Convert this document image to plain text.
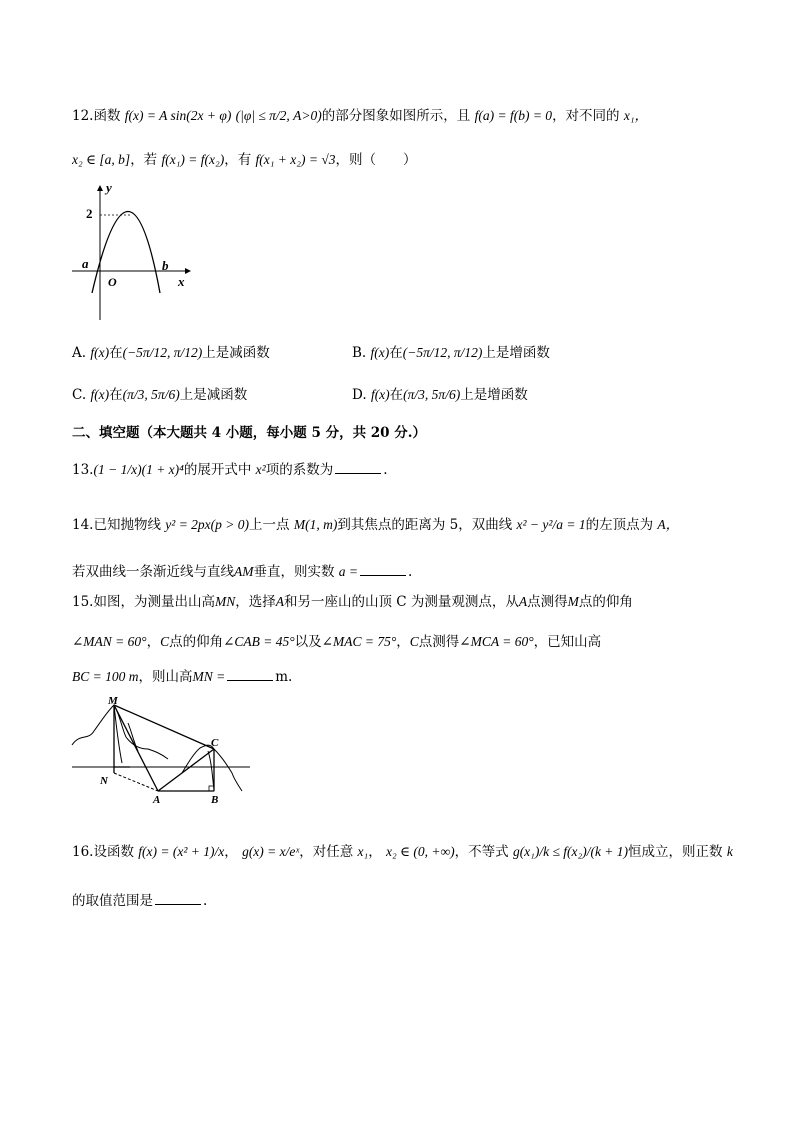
12.函数 f(x) = A sin(2x + φ) (|φ| ≤ π/2, A>0)的部分图象如图所示，且 f(a) = f(b) = 0，对不同的 x₁，
x₂ ∈ [a, b]，若 f(x₁) = f(x₂)，有 f(x₁ + x₂) = √3，则（　　）
2
y
x
a	b
O
A. f(x)在(−5π/12, π/12)上是减函数	B. f(x)在(−5π/12, π/12)上是增函数
C. f(x)在(π/3, 5π/6)上是减函数	D. f(x)在(π/3, 5π/6)上是增函数
二、填空题（本大题共 4 小题，每小题 5 分，共 20 分.）
13.(1 − 1/x)(1 + x)⁴的展开式中 x²项的系数为	.
14.已知抛物线 y² = 2px(p > 0)上一点 M(1, m)到其焦点的距离为 5，双曲线 x² − y²/a = 1的左顶点为 A，
若双曲线一条渐近线与直线AM垂直，则实数 a =	.
15.如图，为测量出山高MN，选择A和另一座山的山顶 C 为测量观测点，从A点测得M点的仰角
∠MAN = 60°，C点的仰角∠CAB = 45°以及∠MAC = 75°，C点测得∠MCA = 60°，已知山高
BC = 100 m，则山高MN =	m.
M
C
N
A	B
16.设函数 f(x) = (x² + 1)/x， g(x) = x/eˣ，对任意 x₁， x₂ ∈ (0, +∞)，不等式 g(x₁)/k ≤ f(x₂)/(k + 1)恒成立，则正数 k
的取值范围是	.
